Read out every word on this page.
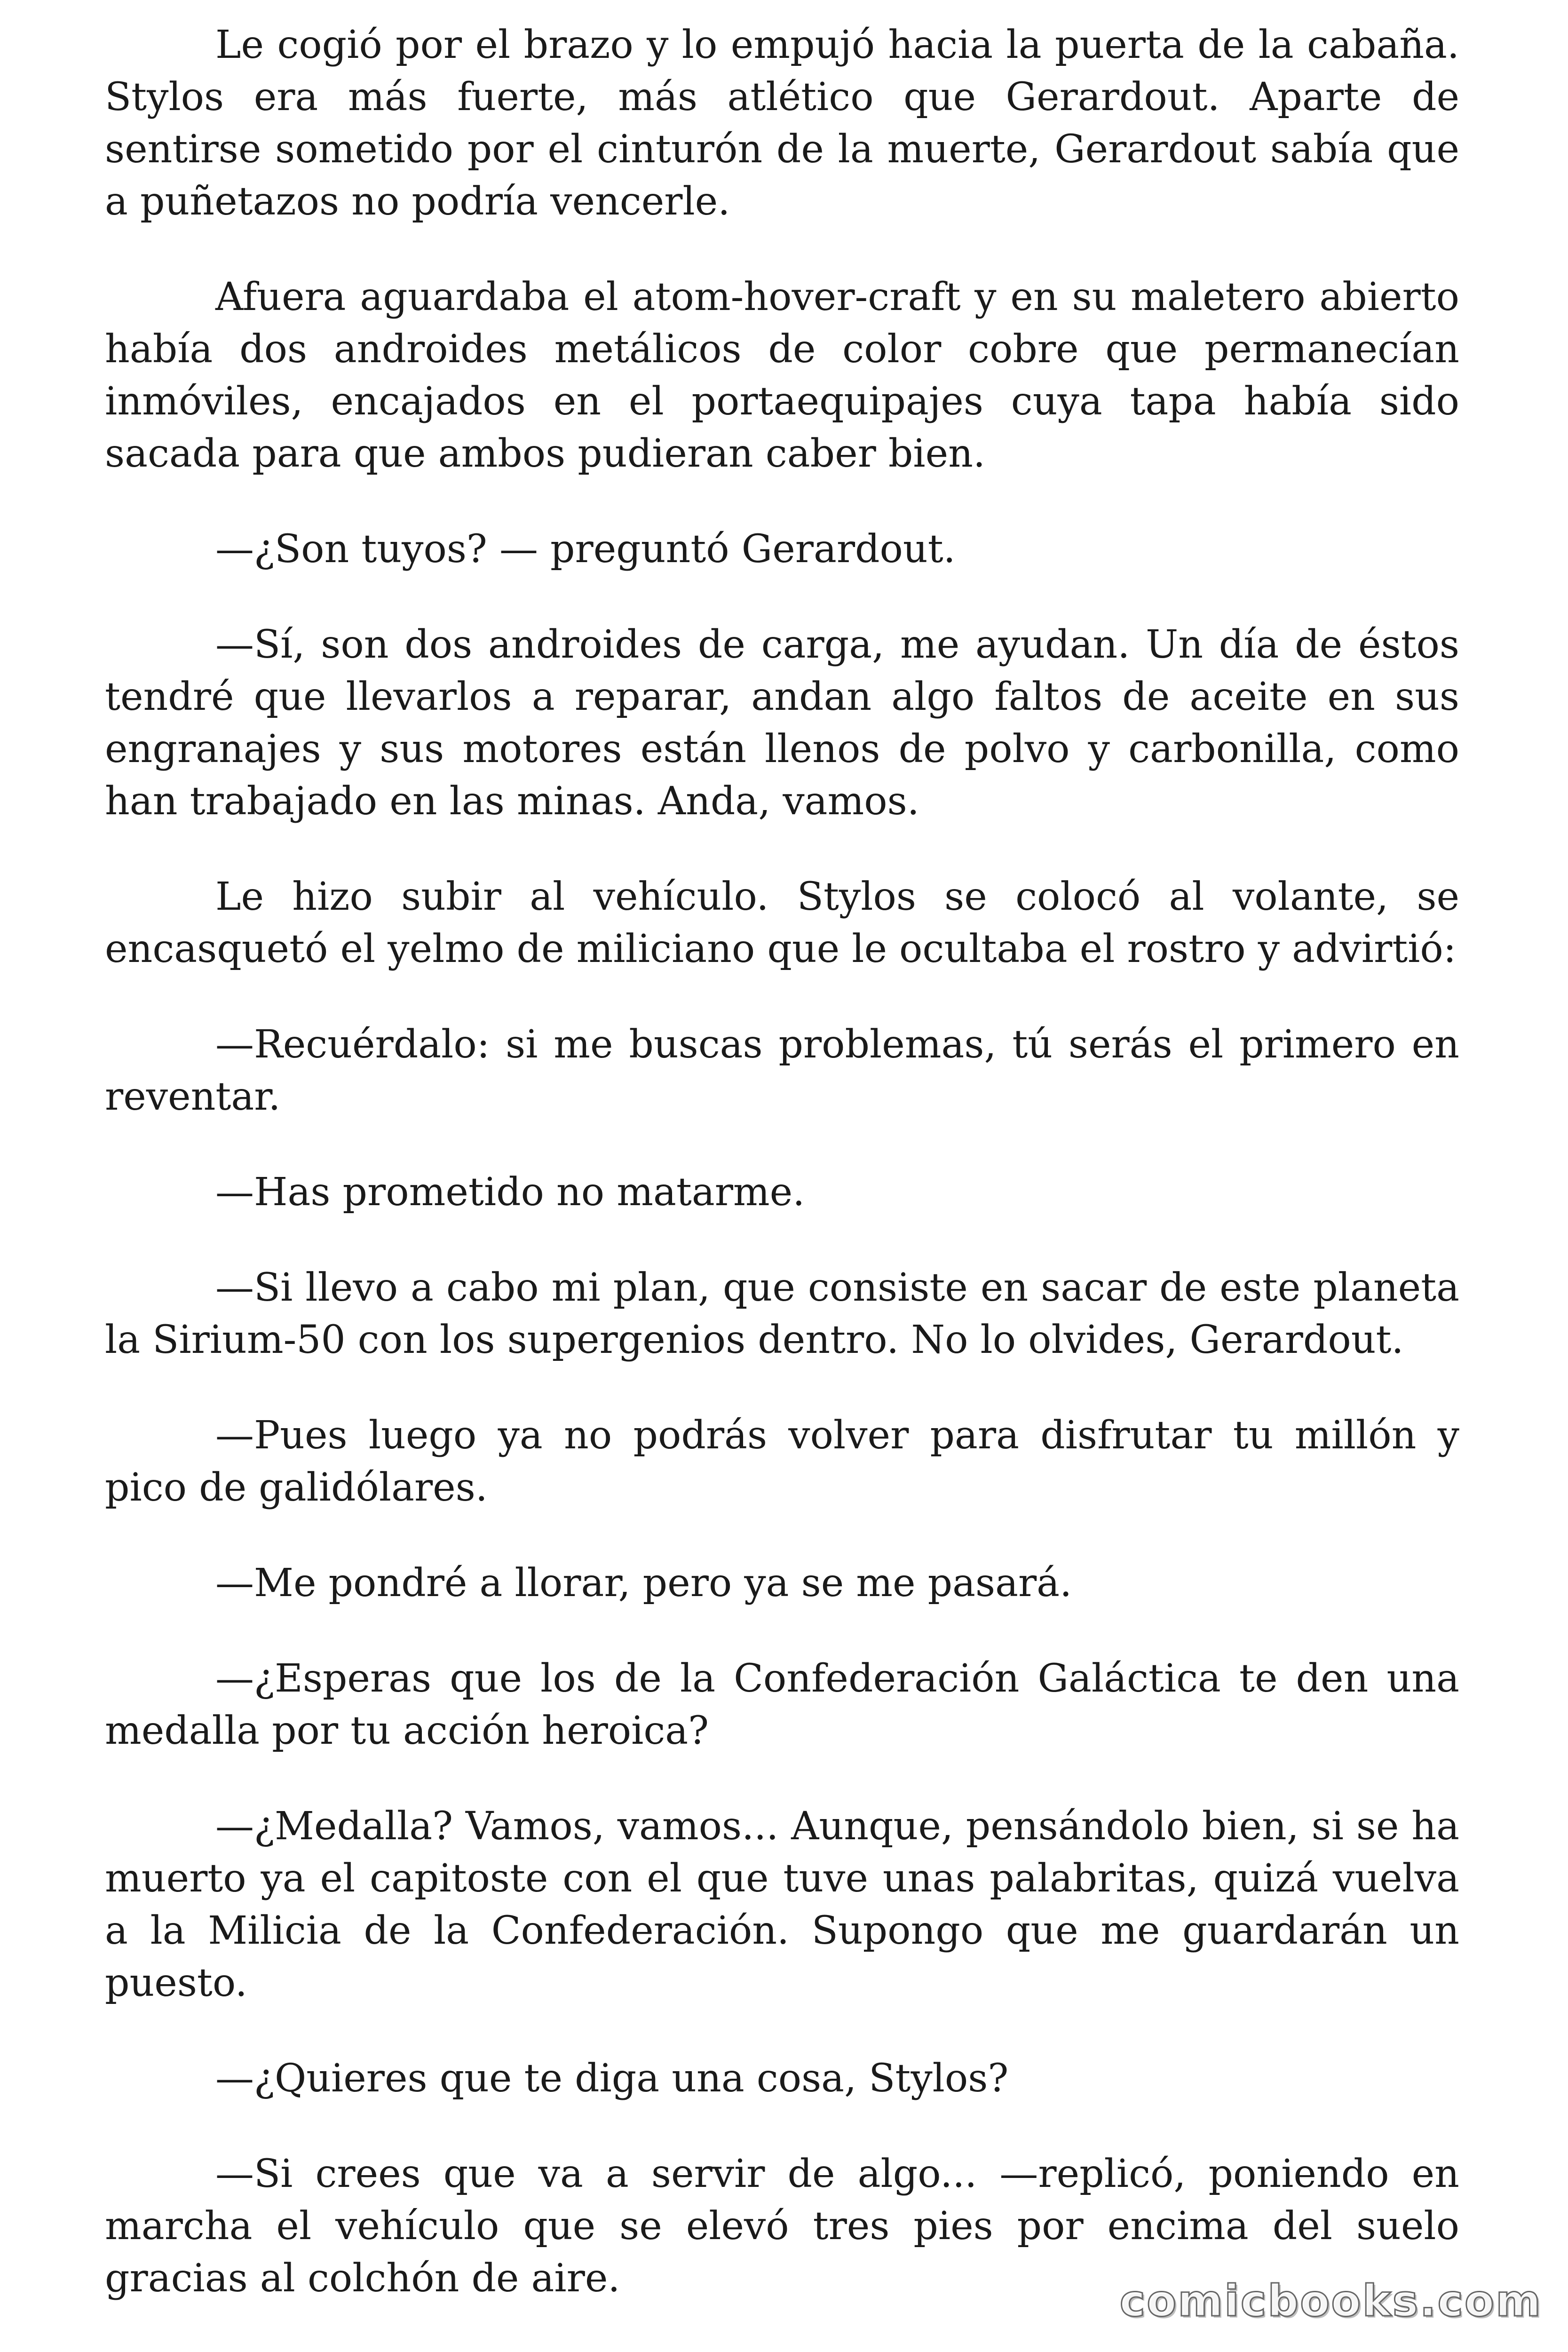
Le cogió por el brazo y lo empujó hacia la puerta de la cabaña. Stylos era más fuerte, más atlético que Gerardout. Aparte de sentirse sometido por el cinturón de la muerte, Gerardout sabía que a puñetazos no podría vencerle.

Afuera aguardaba el atom-hover-craft y en su maletero abierto había dos androides metálicos de color cobre que permanecían inmóviles, encajados en el portaequipajes cuya tapa había sido sacada para que ambos pudieran caber bien.

—¿Son tuyos? — preguntó Gerardout.

—Sí, son dos androides de carga, me ayudan. Un día de éstos tendré que llevarlos a reparar, andan algo faltos de aceite en sus engranajes y sus motores están llenos de polvo y carbonilla, como han trabajado en las minas. Anda, vamos.

Le hizo subir al vehículo. Stylos se colocó al volante, se encasquetó el yelmo de miliciano que le ocultaba el rostro y advirtió:

—Recuérdalo: si me buscas problemas, tú serás el primero en reventar.

—Has prometido no matarme.

—Si llevo a cabo mi plan, que consiste en sacar de este planeta la Sirium-50 con los supergenios dentro. No lo olvides, Gerardout.

—Pues luego ya no podrás volver para disfrutar tu millón y pico de galidólares.

—Me pondré a llorar, pero ya se me pasará.

—¿Esperas que los de la Confederación Galáctica te den una medalla por tu acción heroica?

—¿Medalla? Vamos, vamos... Aunque, pensándolo bien, si se ha muerto ya el capitoste con el que tuve unas palabritas, quizá vuelva a la Milicia de la Confederación. Supongo que me guardarán un puesto.

—¿Quieres que te diga una cosa, Stylos?

—Si crees que va a servir de algo... —replicó, poniendo en marcha el vehículo que se elevó tres pies por encima del suelo gracias al colchón de aire.	comicbooks.com
